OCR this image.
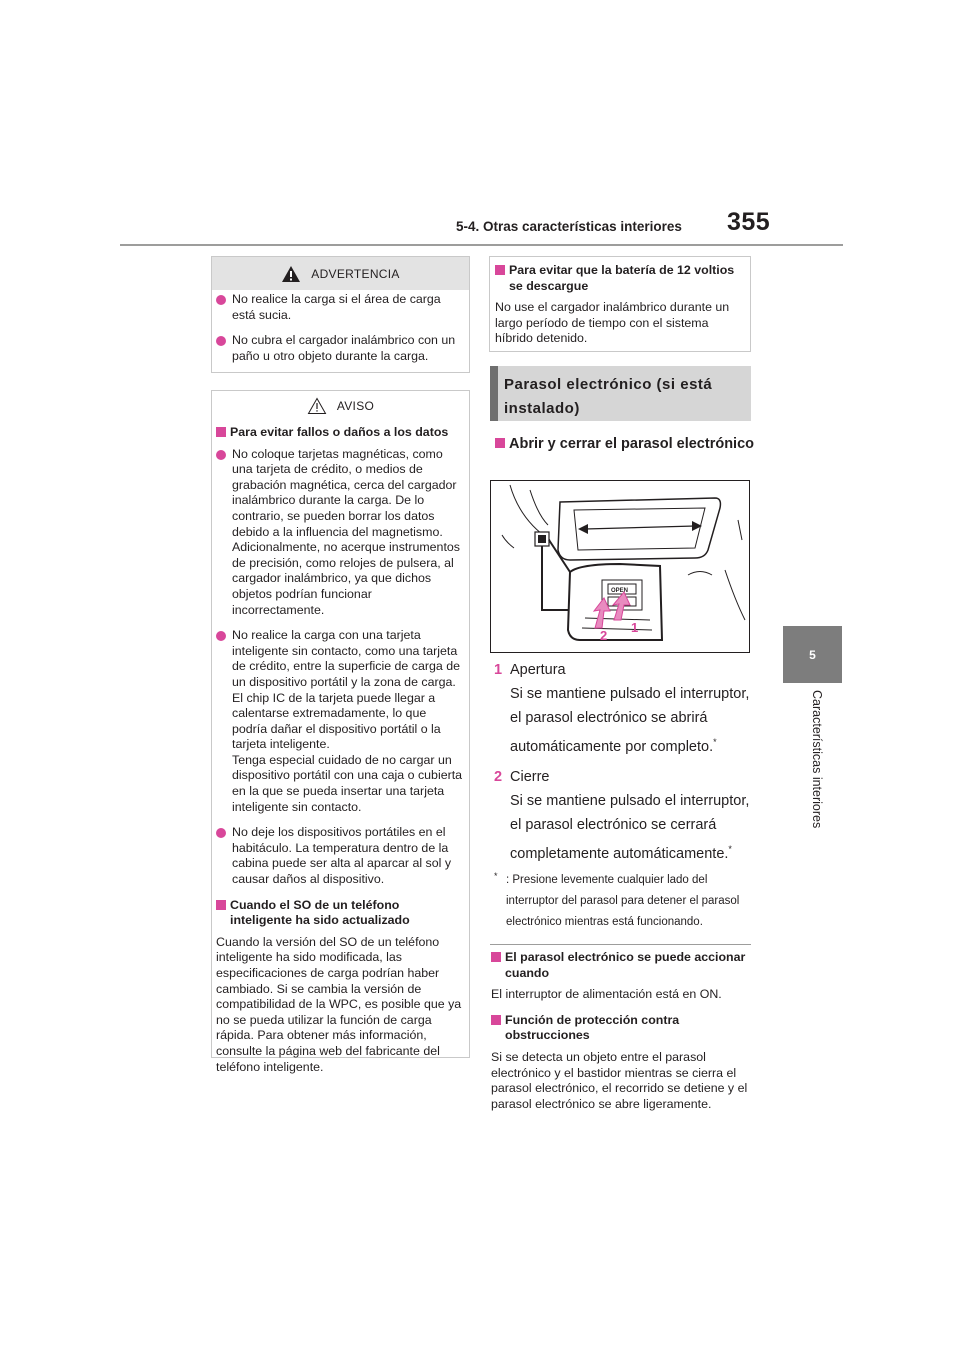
5-4. Otras características interiores 355
5
Características interiores
ADVERTENCIA
No realice la carga si el área de carga está sucia.
No cubra el cargador inalámbrico con un paño u otro objeto durante la carga.
AVISO
Para evitar fallos o daños a los datos
No coloque tarjetas magnéticas, como una tarjeta de crédito, o medios de grabación magnética, cerca del cargador inalámbrico durante la carga. De lo contrario, se pueden borrar los datos debido a la influencia del magnetismo. Adicionalmente, no acerque instrumentos de precisión, como relojes de pulsera, al cargador inalámbrico, ya que dichos objetos podrían funcionar incorrectamente.
No realice la carga con una tarjeta inteligente sin contacto, como una tarjeta de crédito, entre la superficie de carga de un dispositivo portátil y la zona de carga. El chip IC de la tarjeta puede llegar a calentarse extremadamente, lo que podría dañar el dispositivo portátil o la tarjeta inteligente.
Tenga especial cuidado de no cargar un dispositivo portátil con una caja o cubierta en la que se pueda insertar una tarjeta inteligente sin contacto.
No deje los dispositivos portátiles en el habitáculo. La temperatura dentro de la cabina puede ser alta al aparcar al sol y causar daños al dispositivo.
Cuando el SO de un teléfono inteligente ha sido actualizado
Cuando la versión del SO de un teléfono inteligente ha sido modificada, las especificaciones de carga podrían haber cambiado. Si se cambia la versión de compatibilidad de la WPC, es posible que ya no se pueda utilizar la función de carga rápida. Para obtener más información, consulte la página web del fabricante del teléfono inteligente.
Para evitar que la batería de 12 voltios se descargue
No use el cargador inalámbrico durante un largo período de tiempo con el sistema híbrido detenido.
Parasol electrónico (si está instalado)
Abrir y cerrar el parasol electrónico
OPEN
1
2
1 Apertura
Si se mantiene pulsado el interruptor, el parasol electrónico se abrirá automáticamente por completo.*
2 Cierre
Si se mantiene pulsado el interruptor, el parasol electrónico se cerrará completamente automáticamente.*
* : Presione levemente cualquier lado del interruptor del parasol para detener el parasol electrónico mientras está funcionando.
El parasol electrónico se puede accionar cuando
El interruptor de alimentación está en ON.
Función de protección contra obstrucciones
Si se detecta un objeto entre el parasol electrónico y el bastidor mientras se cierra el parasol electrónico, el recorrido se detiene y el parasol electrónico se abre ligeramente.
